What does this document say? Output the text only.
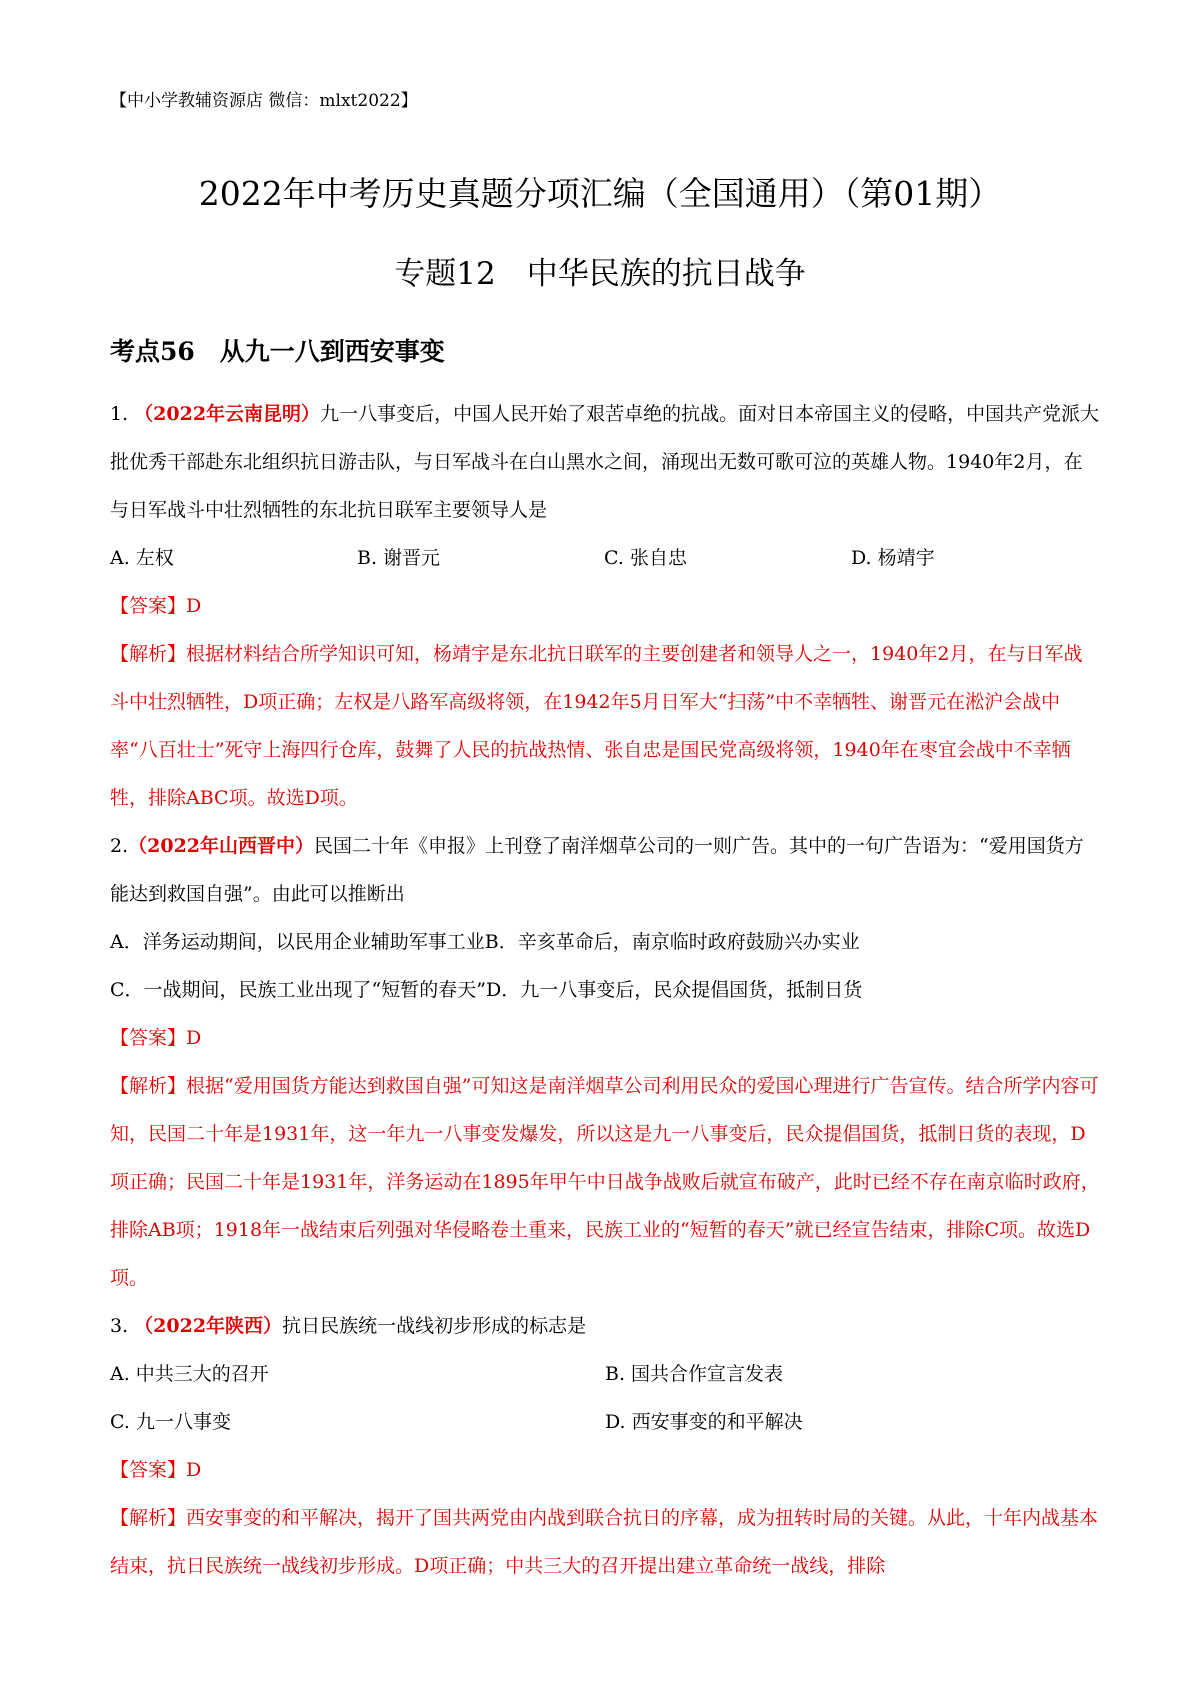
【中小学教辅资源店 微信：mlxt2022】
2022年中考历史真题分项汇编（全国通用）（第01期）
专题12　中华民族的抗日战争
考点56　从九一八到西安事变

1. （2022年云南昆明）九一八事变后，中国人民开始了艰苦卓绝的抗战。面对日本帝国主义的侵略，中国共产党派大批优秀干部赴东北组织抗日游击队，与日军战斗在白山黑水之间，涌现出无数可歌可泣的英雄人物。1940年2月，在与日军战斗中壮烈牺牲的东北抗日联军主要领导人是

A. 左权	B. 谢晋元	C. 张自忠	D. 杨靖宇

【答案】D

【解析】根据材料结合所学知识可知，杨靖宇是东北抗日联军的主要创建者和领导人之一，1940年2月，在与日军战斗中壮烈牺牲，D项正确；左权是八路军高级将领，在1942年5月日军大“扫荡”中不幸牺牲、谢晋元在淞沪会战中率“八百壮士”死守上海四行仓库，鼓舞了人民的抗战热情、张自忠是国民党高级将领，1940年在枣宜会战中不幸牺牲，排除ABC项。故选D项。

2.（2022年山西晋中）民国二十年《申报》上刊登了南洋烟草公司的一则广告。其中的一句广告语为：“爱用国货方能达到救国自强”。由此可以推断出

A．洋务运动期间，以民用企业辅助军事工业B．辛亥革命后，南京临时政府鼓励兴办实业
C．一战期间，民族工业出现了“短暂的春天”D．九一八事变后，民众提倡国货，抵制日货

【答案】D

【解析】根据“爱用国货方能达到救国自强”可知这是南洋烟草公司利用民众的爱国心理进行广告宣传。结合所学内容可知，民国二十年是1931年，这一年九一八事变发爆发，所以这是九一八事变后，民众提倡国货，抵制日货的表现，D项正确；民国二十年是1931年，洋务运动在1895年甲午中日战争战败后就宣布破产，此时已经不存在南京临时政府，排除AB项；1918年一战结束后列强对华侵略卷土重来，民族工业的“短暂的春天”就已经宣告结束，排除C项。故选D项。

3. （2022年陕西）抗日民族统一战线初步形成的标志是

A. 中共三大的召开	B. 国共合作宣言发表
C. 九一八事变	D. 西安事变的和平解决

【答案】D

【解析】西安事变的和平解决，揭开了国共两党由内战到联合抗日的序幕，成为扭转时局的关键。从此，十年内战基本结束，抗日民族统一战线初步形成。D项正确；中共三大的召开提出建立革命统一战线，排除
